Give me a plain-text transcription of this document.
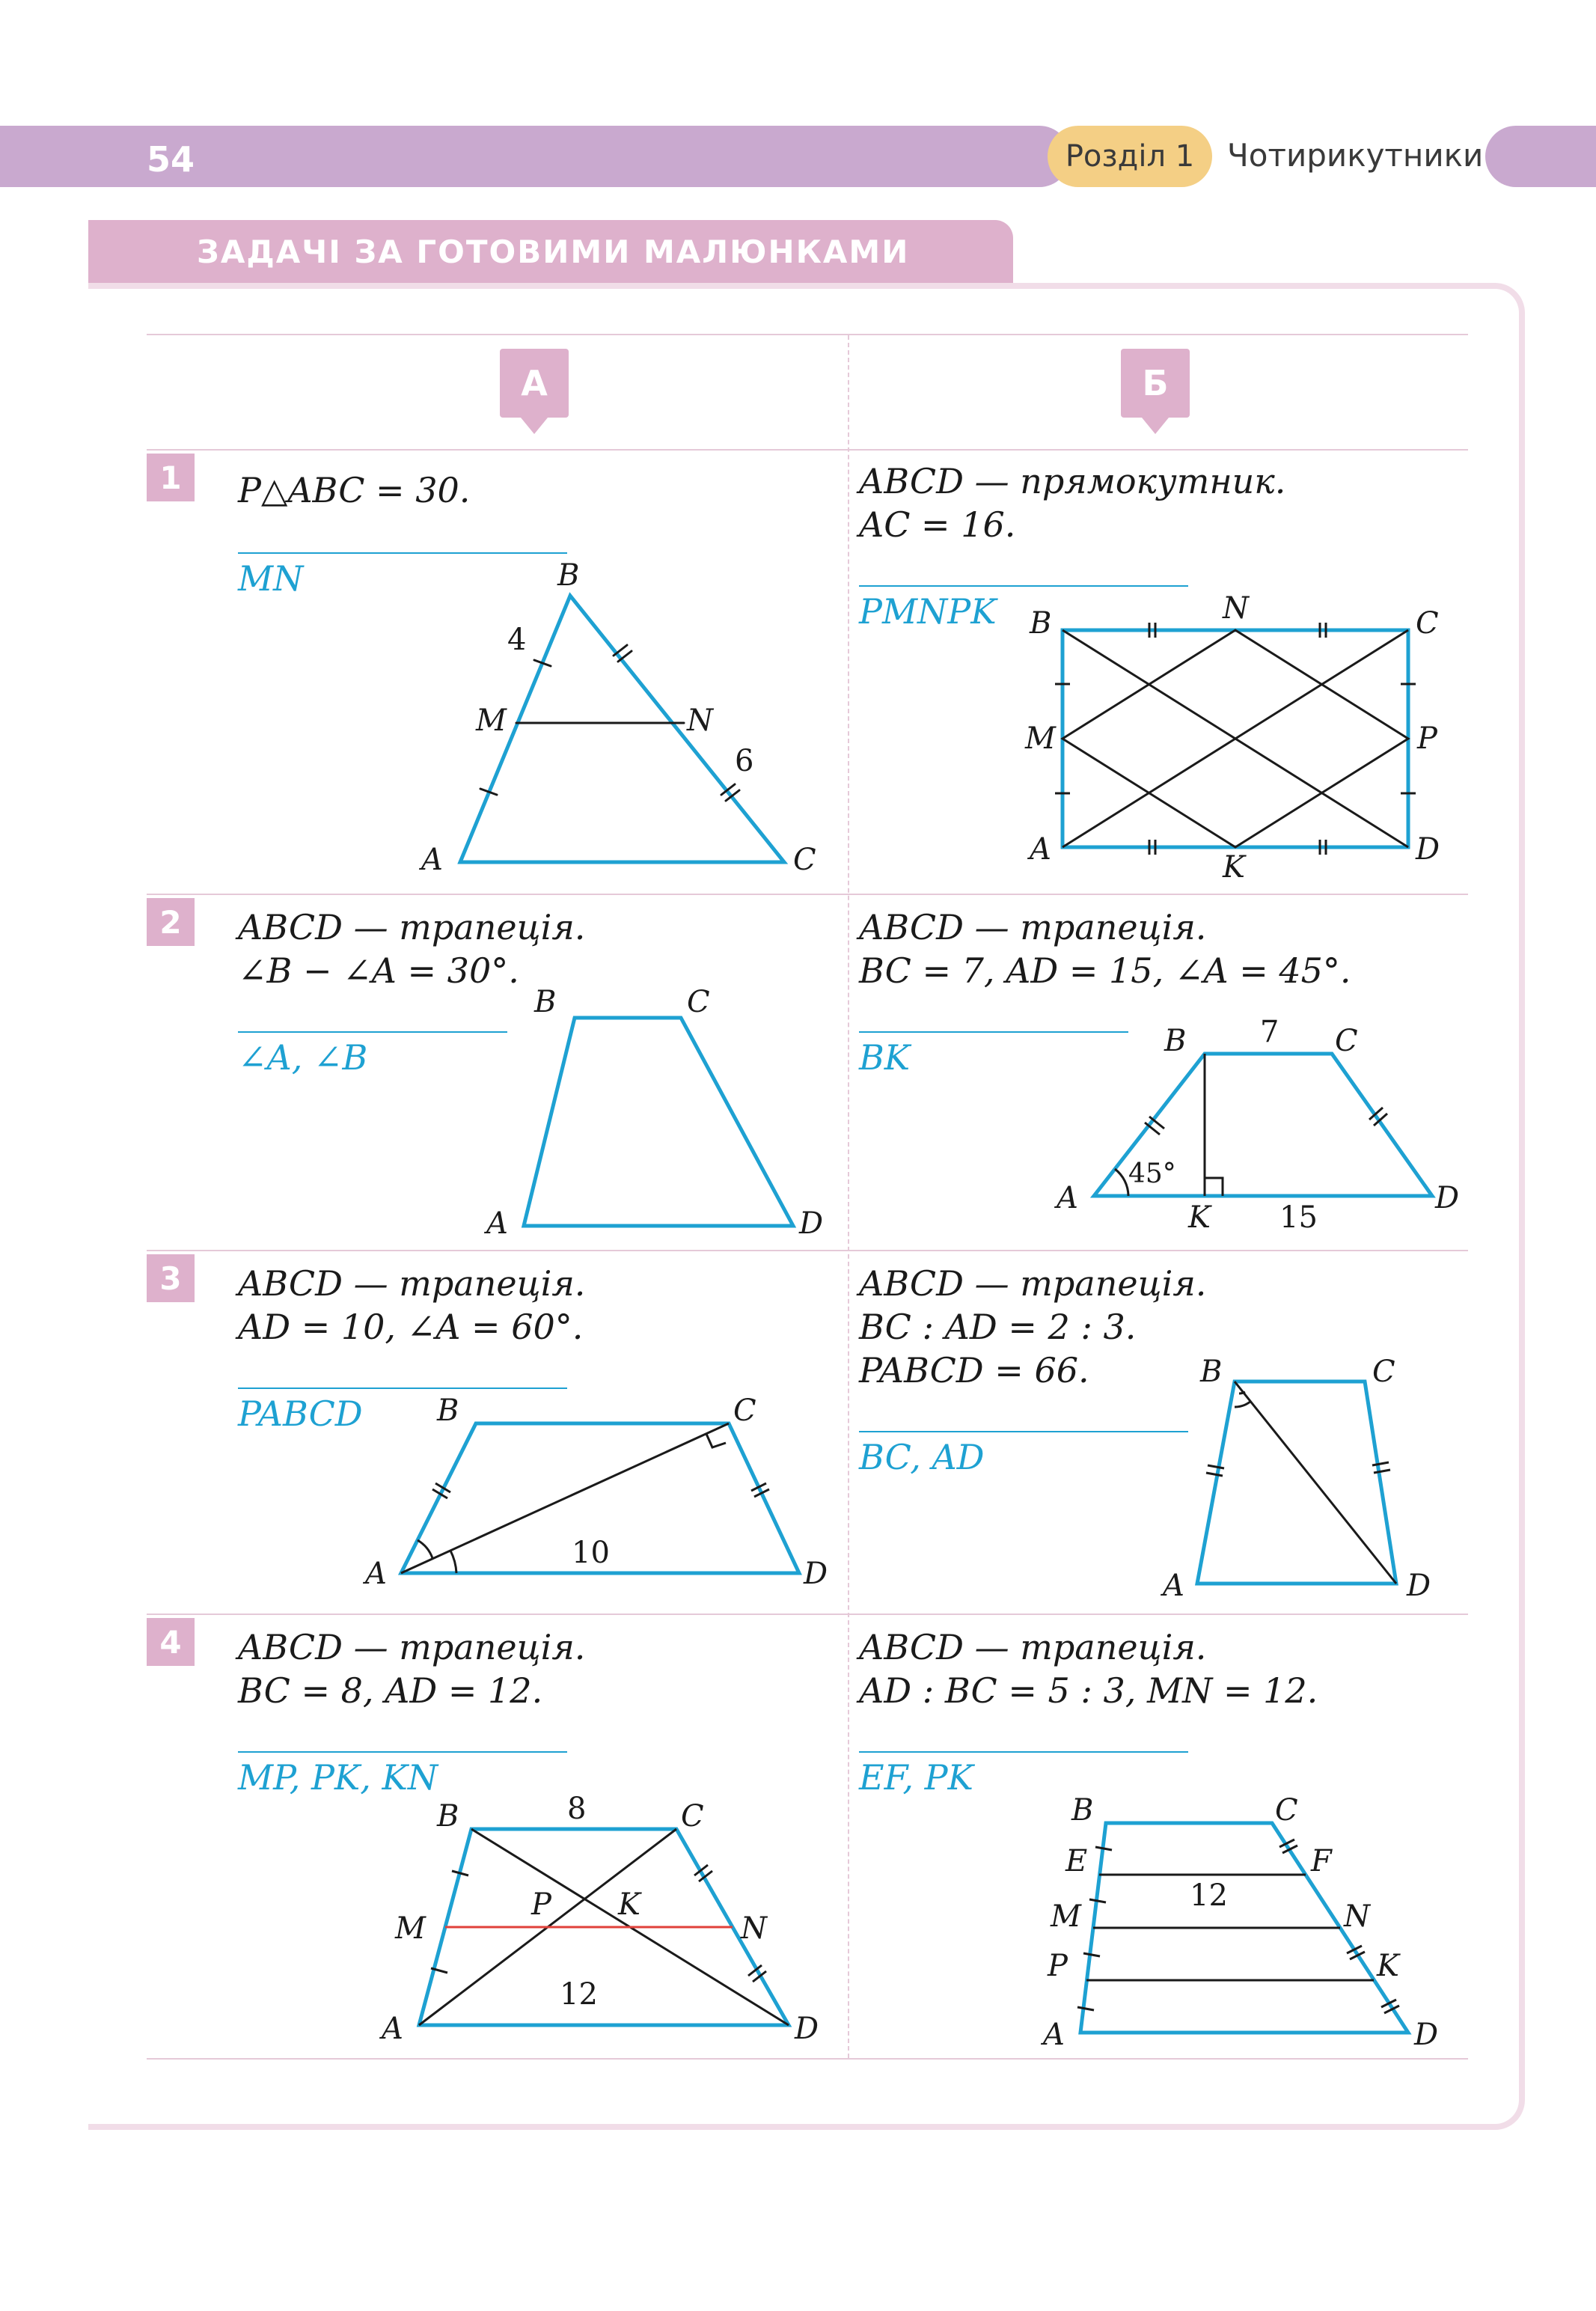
54	Розділ 1	Чотирикутники
ЗАДАЧІ ЗА ГОТОВИМИ МАЛЮНКАМИ
А	Б
1
2
3
4
P△ABC = 30.
MN	B
A	C
M	N
4
6
ABCD — прямокутник.
AC = 16.
PMNPK	B	C
A	D
N
K
M	P
ABCD — трапеція.
∠B − ∠A = 30°.
∠A, ∠B
B	C
A	D
ABCD — трапеція.
BC = 7, AD = 15, ∠A = 45°.
BK	B	C
A	D
K
7
15
45°
ABCD — трапеція.
AD = 10, ∠A = 60°.
PABCD	B	C
A	D
10
ABCD — трапеція.
BC : AD = 2 : 3.
PABCD = 66.
BC, AD
B	C
A	D
ABCD — трапеція.
BC = 8, AD = 12.
MP, PK, KN
B	C
A	D
M	N
P K
8
12
ABCD — трапеція.
AD : BC = 5 : 3, MN = 12.
EF, PK
B	C
A	D
E	F
M	N
P	K
12
